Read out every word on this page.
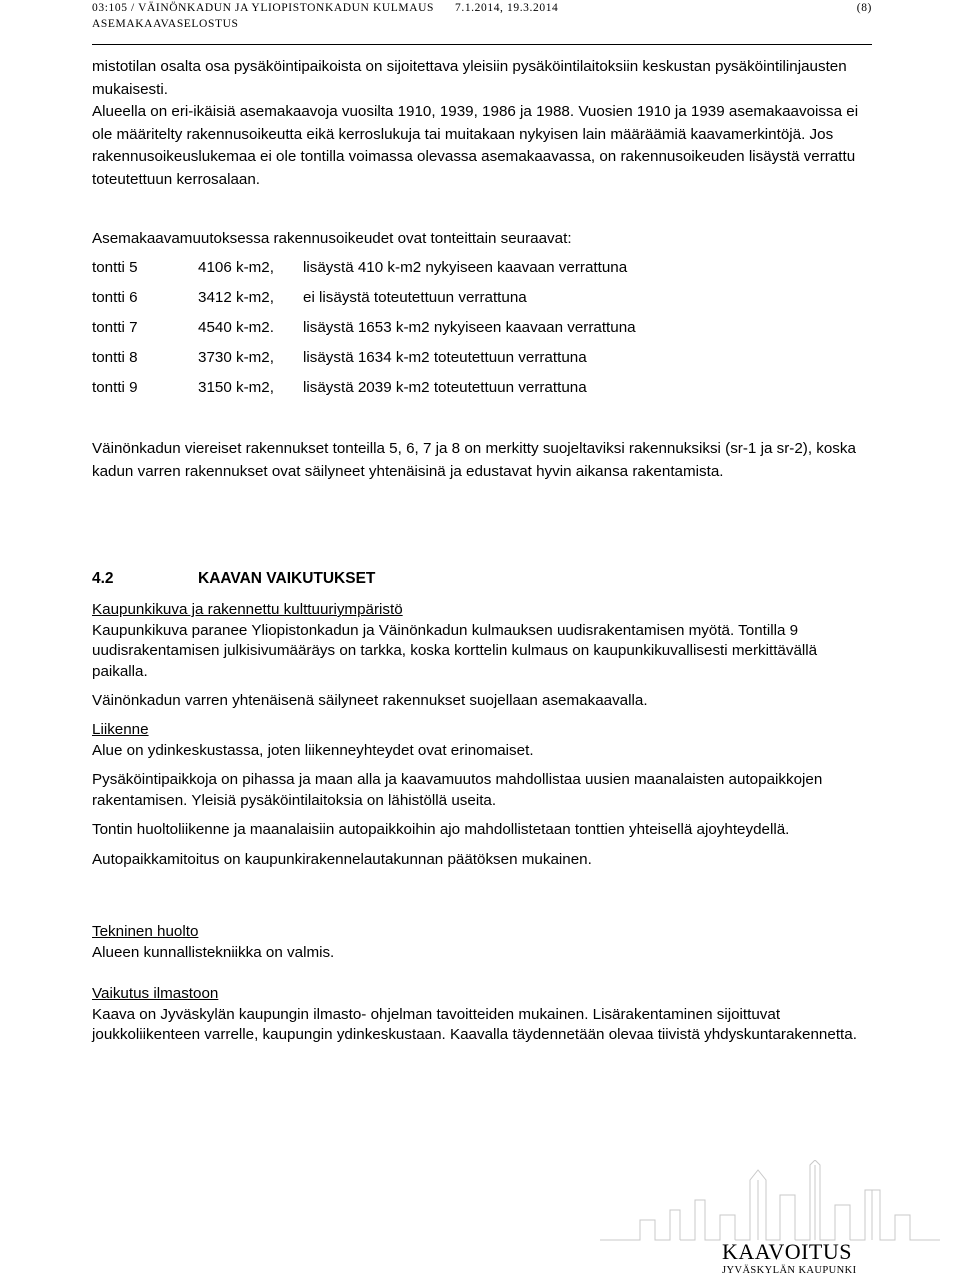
03:105 / VÄINÖNKADUN JA YLIOPISTONKADUN KULMAUS
ASEMAKAAVASELOSTUS
7.1.2014, 19.3.2014	(8)

mistotilan osalta osa pysäköintipaikoista on sijoitettava yleisiin pysäköintilaitoksiin keskustan pysäköintilinjausten mukaisesti.

Alueella on eri-ikäisiä asemakaavoja vuosilta 1910, 1939, 1986 ja 1988. Vuosien 1910 ja 1939 asemakaavoissa ei ole määritelty rakennusoikeutta eikä kerroslukuja tai muitakaan nykyisen lain määräämiä kaavamerkintöjä. Jos rakennusoikeuslukemaa ei ole tontilla voimassa olevassa asemakaavassa, on rakennusoikeuden lisäystä verrattu toteutettuun kerrosalaan.

Asemakaavamuutoksessa rakennusoikeudet ovat tonteittain seuraavat:

tontti 5	4106 k-m2, lisäystä 410 k-m2 nykyiseen kaavaan verrattuna
tontti 6	3412 k-m2, ei lisäystä toteutettuun verrattuna
tontti 7	4540 k-m2. lisäystä 1653 k-m2 nykyiseen kaavaan verrattuna
tontti 8	3730 k-m2, lisäystä 1634 k-m2 toteutettuun verrattuna
tontti 9	3150 k-m2, lisäystä 2039 k-m2 toteutettuun verrattuna

Väinönkadun viereiset rakennukset tonteilla 5, 6, 7 ja 8 on merkitty suojeltaviksi rakennuksiksi (sr-1 ja sr-2), koska kadun varren rakennukset ovat säilyneet yhtenäisinä ja edustavat hyvin aikansa rakentamista.

4.2	KAAVAN VAIKUTUKSET

Kaupunkikuva ja rakennettu kulttuuriympäristö

Kaupunkikuva paranee Yliopistonkadun ja Väinönkadun kulmauksen uudisrakentamisen myötä. Tontilla 9 uudisrakentamisen julkisivumääräys on tarkka, koska korttelin kulmaus on kaupunkikuvallisesti merkittävällä paikalla.

Väinönkadun varren yhtenäisenä säilyneet rakennukset suojellaan asemakaavalla.

Liikenne

Alue on ydinkeskustassa, joten liikenneyhteydet ovat erinomaiset.

Pysäköintipaikkoja on pihassa ja maan alla ja kaavamuutos mahdollistaa uusien maanalaisten autopaikkojen rakentamisen. Yleisiä pysäköintilaitoksia on lähistöllä useita.

Tontin huoltoliikenne ja maanalaisiin autopaikkoihin ajo mahdollistetaan tonttien yhteisellä ajoyhteydellä.

Autopaikkamitoitus on kaupunkirakennelautakunnan päätöksen mukainen.

Tekninen huolto

Alueen kunnallistekniikka on valmis.

Vaikutus ilmastoon

Kaava on Jyväskylän kaupungin ilmasto- ohjelman tavoitteiden mukainen. Lisärakentaminen sijoittuvat joukkoliikenteen varrelle, kaupungin ydinkeskustaan. Kaavalla täydennetään olevaa tiivistä yhdyskuntarakennetta.

KAAVOITUS
JYVÄSKYLÄN KAUPUNKI
